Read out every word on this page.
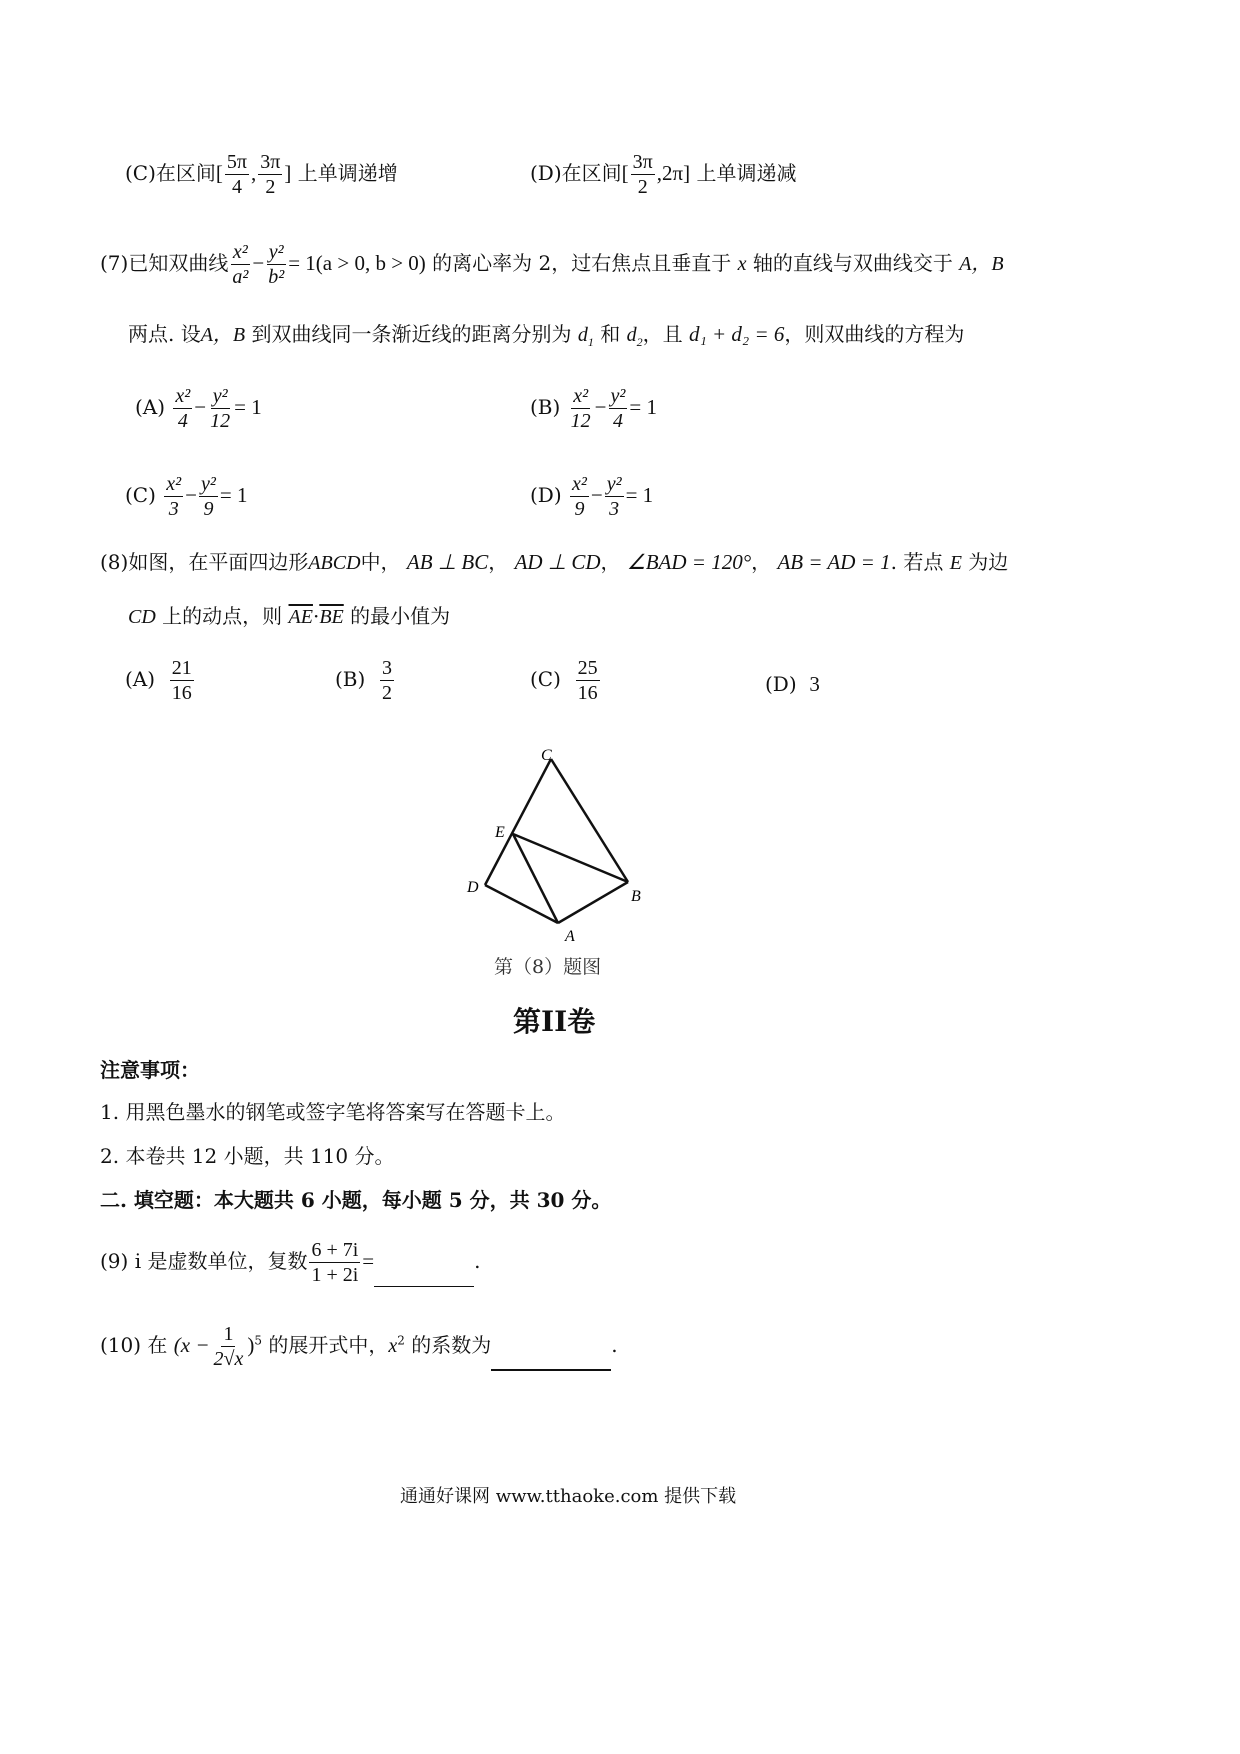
(C)在区间[ $\frac{5\pi}{4}$ , $\frac{3\pi}{2}$ ] 上单调递增	(D)在区间[ $\frac{3\pi}{2} ,2\pi$] 上单调递减
(7)已知双曲线 $\frac{\text{x²}}{\text{a²}} - \frac{\text{y²}}{\text{b²}} = 1(a > 0$, b > 0) 的离心率为 2，过右焦点且垂直于 x 轴的直线与双曲线交于 A，B
两点. 设A，B 到双曲线同一条渐近线的距离分别为 $d_1$ 和 $d_2$，且 d₁ + d₂ = 6，则双曲线的方程为
$(A) \frac{\text{x²}}{4} - \frac{\text{y²}}{12} = 1$	$(B) \frac{\text{x²}}{12} - \frac{\text{y²}}{4} = 1$
$(C) \frac{\text{x²}}{3} - \frac{\text{y²}}{9} = 1$	$(D) \frac{\text{x²}}{9} - \frac{\text{y²}}{3} = 1$
(8)如图，在平面四边形ABCD中， AB ⊥ BC， AD ⊥ CD， ∠BAD = 120°， AB = AD = 1. 若点 E 为边
CD 上的动点，则 $\overline{AE}\cdot\overline{BE}$ 的最小值为
$(A) \frac{21}{16}$	$(B) \frac{3}{2}$	$(C) \frac{25}{16}$	(D) 3
C
E
D
B
A
第（8）题图
第II卷
注意事项：
1. 用黑色墨水的钢笔或签字笔将答案写在答题卡上。
2. 本卷共 12 小题，共 110 分。
二. 填空题：本大题共 6 小题，每小题 5 分，共 30 分。
(9) i 是虚数单位，复数 $\frac{6 + 7i}{1 + 2i}$ =	.
(10) 在 $(x - \frac{1}{2√x} )^5$ 的展开式中，$x^2$ 的系数为	.
通通好课网 www.tthaoke.com 提供下载
